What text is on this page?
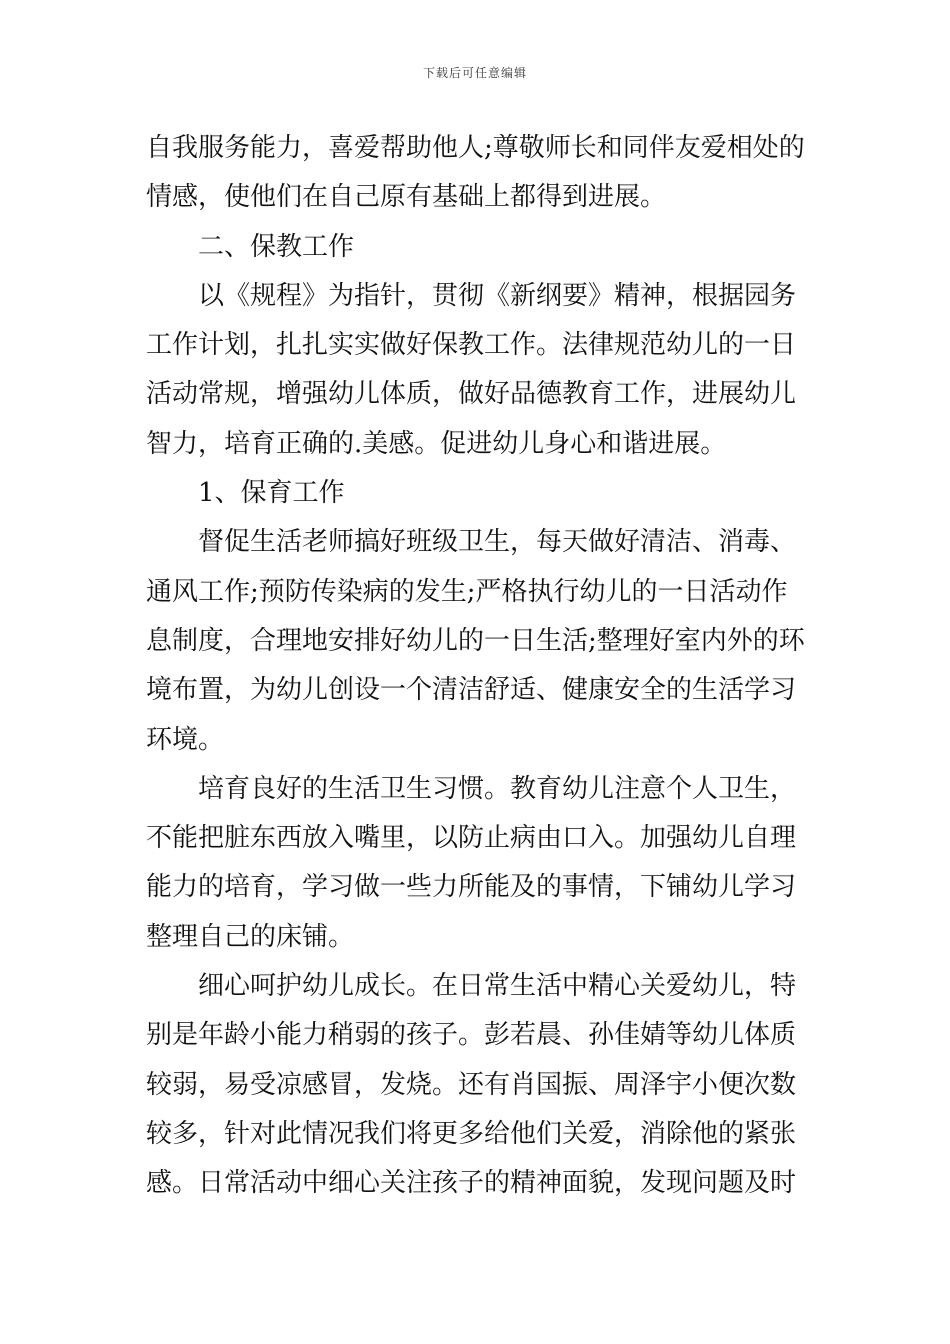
下载后可任意编辑
自我服务能力，喜爱帮助他人;尊敬师长和同伴友爱相处的
情感，使他们在自己原有基础上都得到进展。
二、保教工作
以《规程》为指针，贯彻《新纲要》精神，根据园务
工作计划，扎扎实实做好保教工作。法律规范幼儿的一日
活动常规，增强幼儿体质，做好品德教育工作，进展幼儿
智力，培育正确的.美感。促进幼儿身心和谐进展。
1、保育工作
督促生活老师搞好班级卫生，每天做好清洁、消毒、
通风工作;预防传染病的发生;严格执行幼儿的一日活动作
息制度，合理地安排好幼儿的一日生活;整理好室内外的环
境布置，为幼儿创设一个清洁舒适、健康安全的生活学习
环境。
培育良好的生活卫生习惯。教育幼儿注意个人卫生，
不能把脏东西放入嘴里，以防止病由口入。加强幼儿自理
能力的培育，学习做一些力所能及的事情，下铺幼儿学习
整理自己的床铺。
细心呵护幼儿成长。在日常生活中精心关爱幼儿，特
别是年龄小能力稍弱的孩子。彭若晨、孙佳婧等幼儿体质
较弱，易受凉感冒，发烧。还有肖国振、周泽宇小便次数
较多，针对此情况我们将更多给他们关爱，消除他的紧张
感。日常活动中细心关注孩子的精神面貌，发现问题及时
